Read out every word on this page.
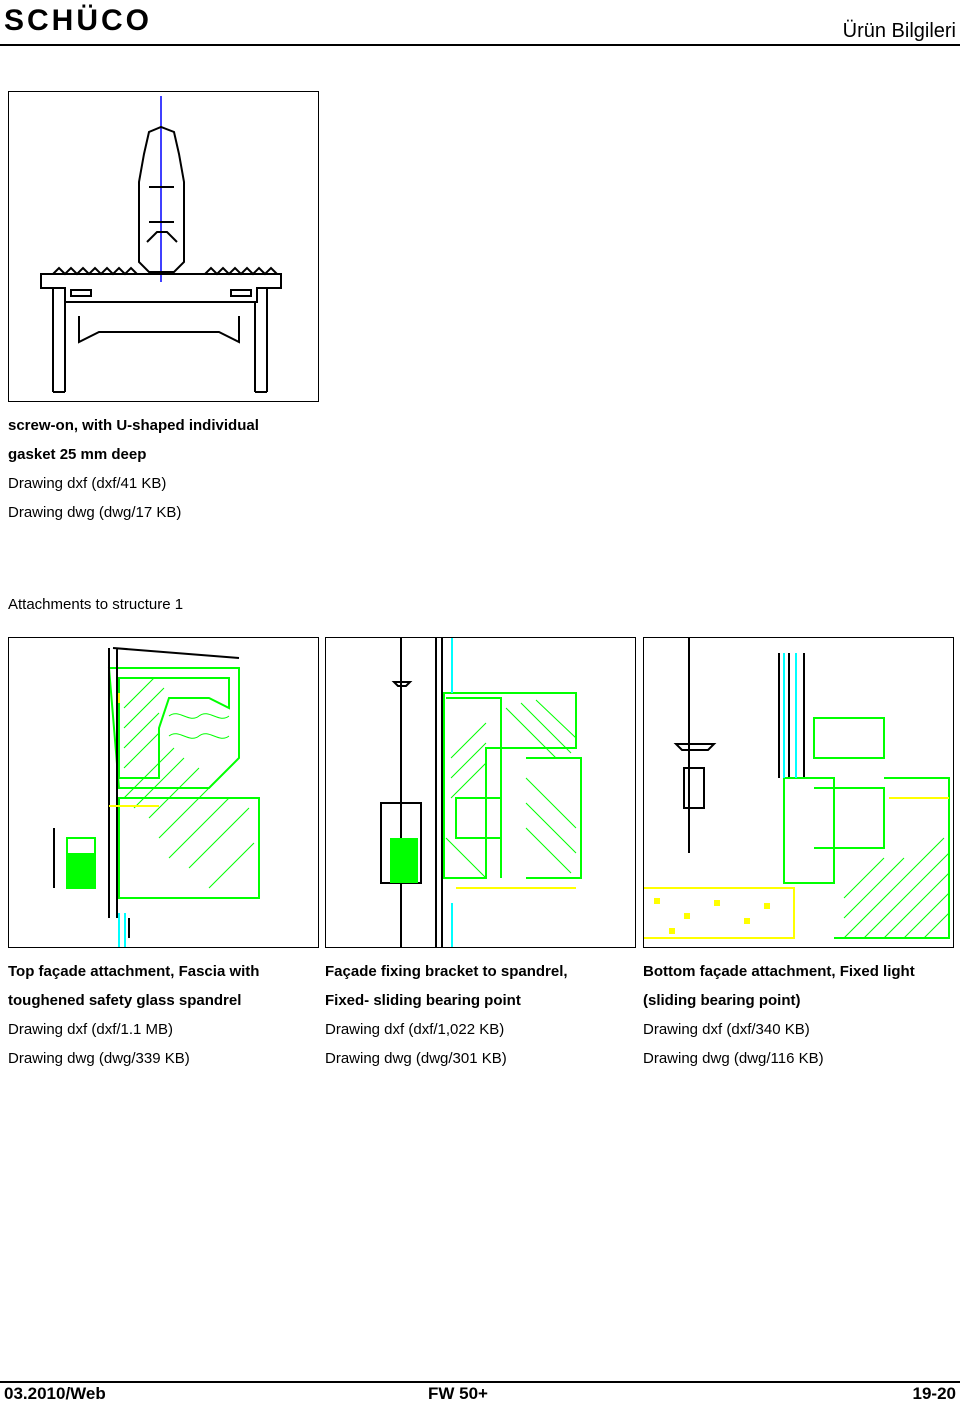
SCHÜCO	Ürün Bilgileri
screw-on, with U-shaped individual
gasket 25 mm deep
Drawing dxf (dxf/41 KB)
Drawing dwg (dwg/17 KB)
Attachments to structure 1
Top façade attachment, Fascia with
toughened safety glass spandrel
Drawing dxf (dxf/1.1 MB)
Drawing dwg (dwg/339 KB)
Façade fixing bracket to spandrel,
Fixed- sliding bearing point
Drawing dxf (dxf/1,022 KB)
Drawing dwg (dwg/301 KB)
Bottom façade attachment, Fixed light
(sliding bearing point)
Drawing dxf (dxf/340 KB)
Drawing dwg (dwg/116 KB)
03.2010/Web	FW 50+	19-20
